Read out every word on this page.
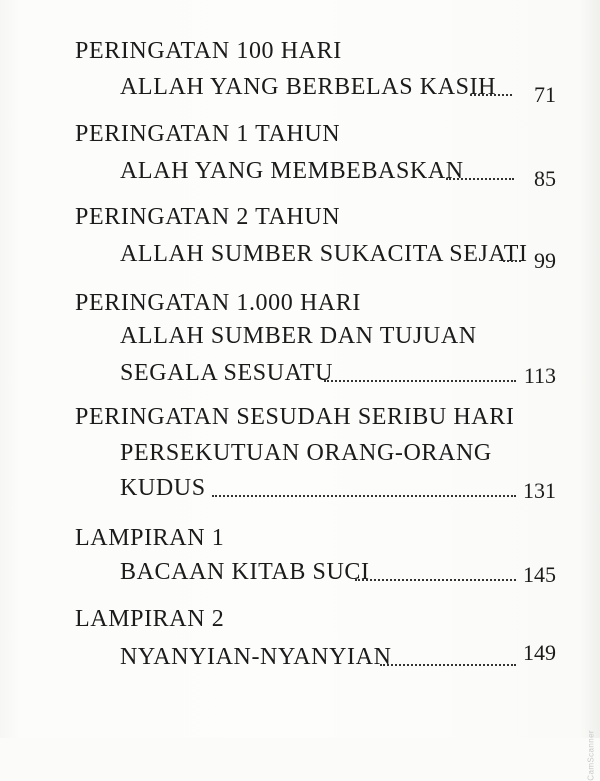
PERINGATAN 100 HARI
ALLAH YANG BERBELAS KASIH	71
PERINGATAN 1 TAHUN
ALAH YANG MEMBEBASKAN	85
PERINGATAN 2 TAHUN
ALLAH SUMBER SUKACITA SEJATI 99
PERINGATAN 1.000 HARI
ALLAH SUMBER DAN TUJUAN
SEGALA SESUATU	113
PERINGATAN SESUDAH SERIBU HARI
PERSEKUTUAN ORANG-ORANG
KUDUS	131
LAMPIRAN 1
BACAAN KITAB SUCI	145
LAMPIRAN 2
NYANYIAN-NYANYIAN	149
CamScanner
